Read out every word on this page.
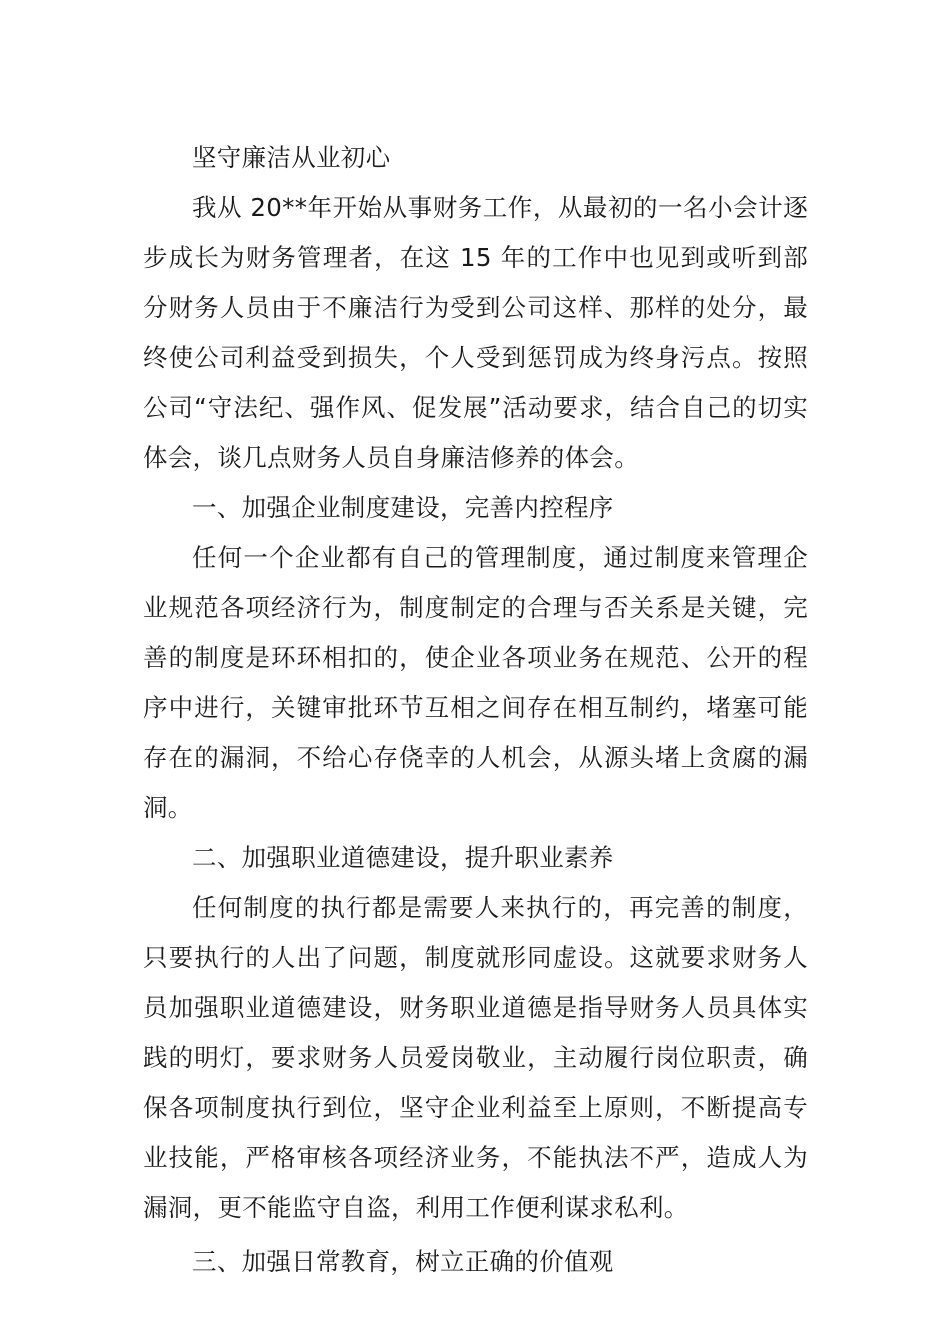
坚守廉洁从业初心

我从 20**年开始从事财务工作，从最初的一名小会计逐步成长为财务管理者，在这 15 年的工作中也见到或听到部分财务人员由于不廉洁行为受到公司这样、那样的处分，最终使公司利益受到损失，个人受到惩罚成为终身污点。按照公司“守法纪、强作风、促发展”活动要求，结合自己的切实体会，谈几点财务人员自身廉洁修养的体会。

一、加强企业制度建设，完善内控程序

任何一个企业都有自己的管理制度，通过制度来管理企业规范各项经济行为，制度制定的合理与否关系是关键，完善的制度是环环相扣的，使企业各项业务在规范、公开的程序中进行，关键审批环节互相之间存在相互制约，堵塞可能存在的漏洞，不给心存侥幸的人机会，从源头堵上贪腐的漏洞。

二、加强职业道德建设，提升职业素养

任何制度的执行都是需要人来执行的，再完善的制度，只要执行的人出了问题，制度就形同虚设。这就要求财务人员加强职业道德建设，财务职业道德是指导财务人员具体实践的明灯，要求财务人员爱岗敬业，主动履行岗位职责，确保各项制度执行到位，坚守企业利益至上原则，不断提高专业技能，严格审核各项经济业务，不能执法不严，造成人为漏洞，更不能监守自盗，利用工作便利谋求私利。

三、加强日常教育，树立正确的价值观
